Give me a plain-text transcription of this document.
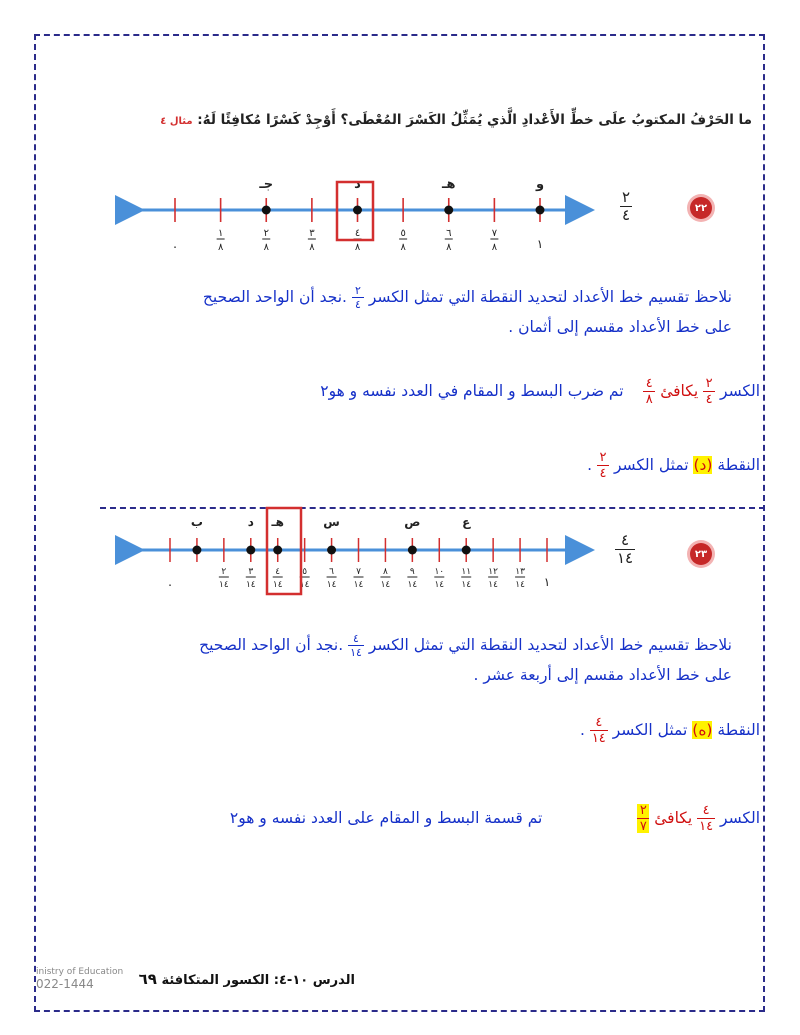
ما الحَرْفُ المكتوبُ علَى خطِّ الأَعْدادِ الَّذي يُمَثِّلُ الكَسْرَ المُعْطَى؟ أَوْجِدْ كَسْرًا مُكافِئًا لَهُ: مثال ٤
٢٢
$\frac{٢}{٤}$
١
٨
٢
٨
٣
٨
٤
٨
٥
٨
٦
٨
٧
٨
.	١
جـ	د	هـ	و
نلاحظ تقسيم خط الأعداد لتحديد النقطة التي تمثل الكسر
$\frac{٢}{٤}$
.نجد أن الواحد الصحيح
على خط الأعداد مقسم إلى أثمان .
الكسر
$\frac{٢}{٤}$
يكافئ
$\frac{٤}{٨}$
تم ضرب البسط و المقام في العدد نفسه و هو٢
النقطة (د) تمثل الكسر
$\frac{٢}{٤}$
.
٢٣
$\frac{٤}{١٤}$
٢
١٤
٣
١٤
٤
١٤
٥
١٤
٦
١٤
٧
١٤
٨
١٤
٩
١٤
١٠
١٤
١١
١٤
١٢
١٤
١٣
١٤
.	١
ب	د هـ	س	ص	ع
نلاحظ تقسيم خط الأعداد لتحديد النقطة التي تمثل الكسر
$\frac{٤}{١٤}$
.نجد أن الواحد الصحيح
على خط الأعداد مقسم إلى أربعة عشر .
النقطة (ه) تمثل الكسر
$\frac{٤}{١٤}$
.
الكسر
$\frac{٤}{١٤}$
يكافئ
$\frac{٢}{٧}$
تم قسمة البسط و المقام على العدد نفسه و هو٢
inistry of Education
022-1444	الدرس ١٠-٤: الكسور المتكافئة ٦٩
